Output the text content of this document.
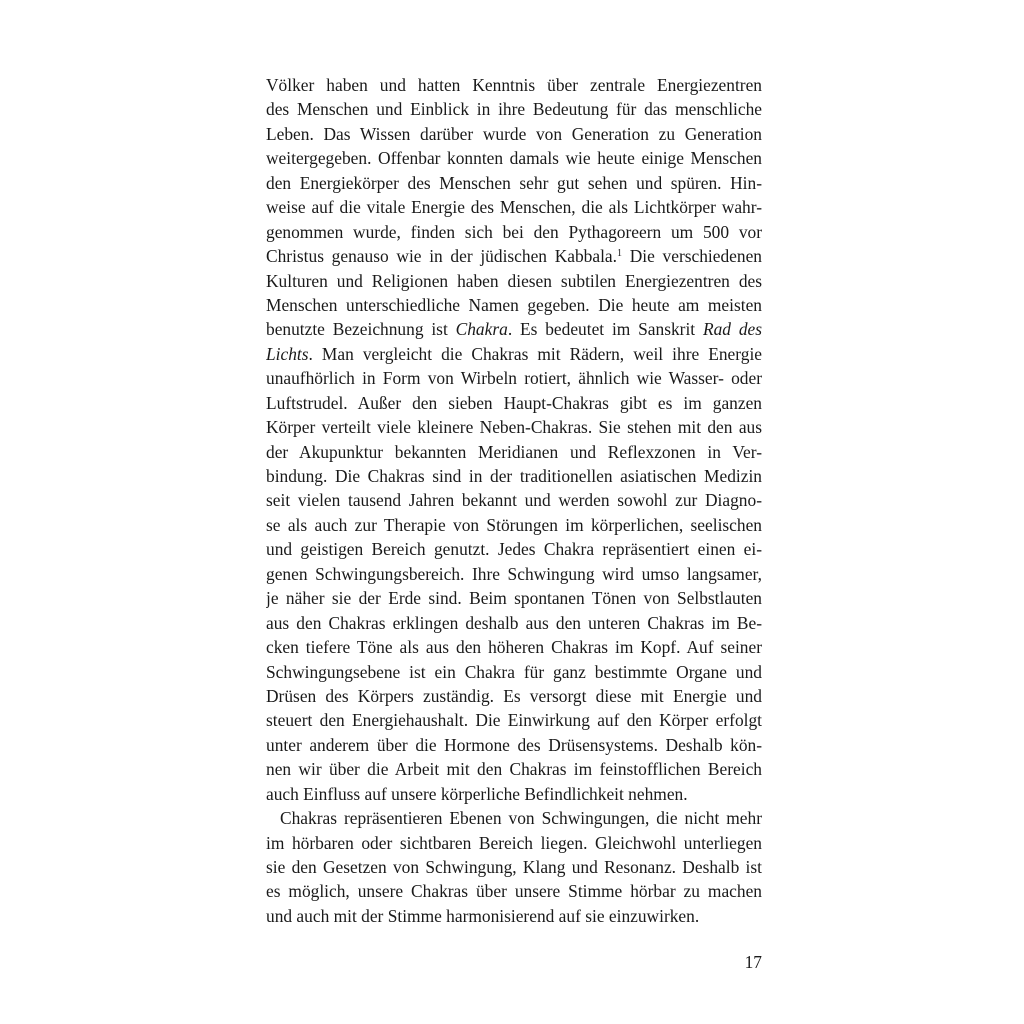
Völker haben und hatten Kenntnis über zentrale Energiezentren
des Menschen und Einblick in ihre Bedeutung für das menschliche
Leben. Das Wissen darüber wurde von Generation zu Generation
weitergegeben. Offenbar konnten damals wie heute einige Menschen
den Energiekörper des Menschen sehr gut sehen und spüren. Hin-
weise auf die vitale Energie des Menschen, die als Lichtkörper wahr-
genommen wurde, finden sich bei den Pythagoreern um 500 vor
Christus genauso wie in der jüdischen Kabbala.$^1$ Die verschiedenen
Kulturen und Religionen haben diesen subtilen Energiezentren des
Menschen unterschiedliche Namen gegeben. Die heute am meisten
benutzte Bezeichnung ist Chakra. Es bedeutet im Sanskrit Rad des
Lichts. Man vergleicht die Chakras mit Rädern, weil ihre Energie
unaufhörlich in Form von Wirbeln rotiert, ähnlich wie Wasser- oder
Luftstrudel. Außer den sieben Haupt-Chakras gibt es im ganzen
Körper verteilt viele kleinere Neben-Chakras. Sie stehen mit den aus
der Akupunktur bekannten Meridianen und Reflexzonen in Ver-
bindung. Die Chakras sind in der traditionellen asiatischen Medizin
seit vielen tausend Jahren bekannt und werden sowohl zur Diagno-
se als auch zur Therapie von Störungen im körperlichen, seelischen
und geistigen Bereich genutzt. Jedes Chakra repräsentiert einen ei-
genen Schwingungsbereich. Ihre Schwingung wird umso langsamer,
je näher sie der Erde sind. Beim spontanen Tönen von Selbstlauten
aus den Chakras erklingen deshalb aus den unteren Chakras im Be-
cken tiefere Töne als aus den höheren Chakras im Kopf. Auf seiner
Schwingungsebene ist ein Chakra für ganz bestimmte Organe und
Drüsen des Körpers zuständig. Es versorgt diese mit Energie und
steuert den Energiehaushalt. Die Einwirkung auf den Körper erfolgt
unter anderem über die Hormone des Drüsensystems. Deshalb kön-
nen wir über die Arbeit mit den Chakras im feinstofflichen Bereich
auch Einfluss auf unsere körperliche Befindlichkeit nehmen.
Chakras repräsentieren Ebenen von Schwingungen, die nicht mehr
im hörbaren oder sichtbaren Bereich liegen. Gleichwohl unterliegen
sie den Gesetzen von Schwingung, Klang und Resonanz. Deshalb ist
es möglich, unsere Chakras über unsere Stimme hörbar zu machen
und auch mit der Stimme harmonisierend auf sie einzuwirken.
17
